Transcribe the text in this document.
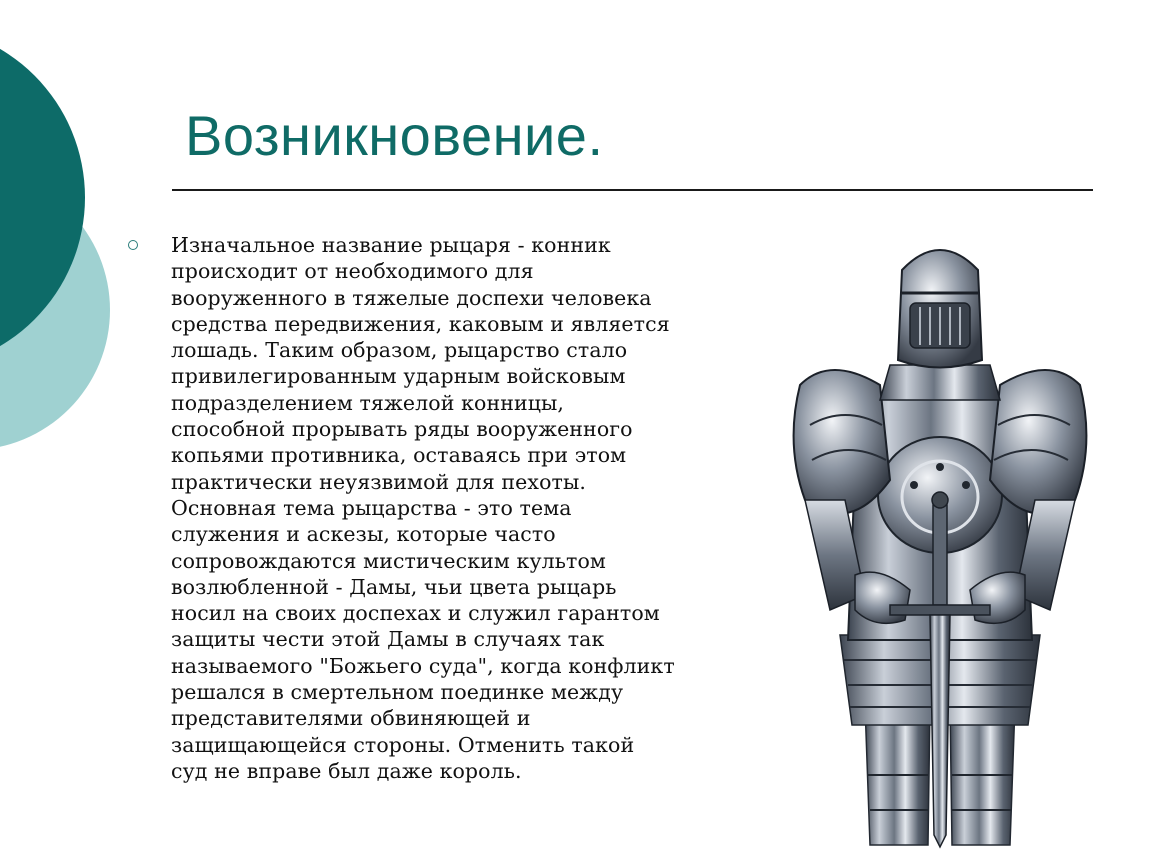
Возникновение.
Изначальное название рыцаря - конник
происходит от необходимого для
вооруженного в тяжелые доспехи человека
средства передвижения, каковым и является
лошадь. Таким образом, рыцарство стало
привилегированным ударным войсковым
подразделением тяжелой конницы,
способной прорывать ряды вооруженного
копьями противника, оставаясь при этом
практически неуязвимой для пехоты.
Основная тема рыцарства - это тема
служения и аскезы, которые часто
сопровождаются мистическим культом
возлюбленной - Дамы, чьи цвета рыцарь
носил на своих доспехах и служил гарантом
защиты чести этой Дамы в случаях так
называемого "Божьего суда", когда конфликт
решался в смертельном поединке между
представителями обвиняющей и
защищающейся стороны. Отменить такой
суд не вправе был даже король.
